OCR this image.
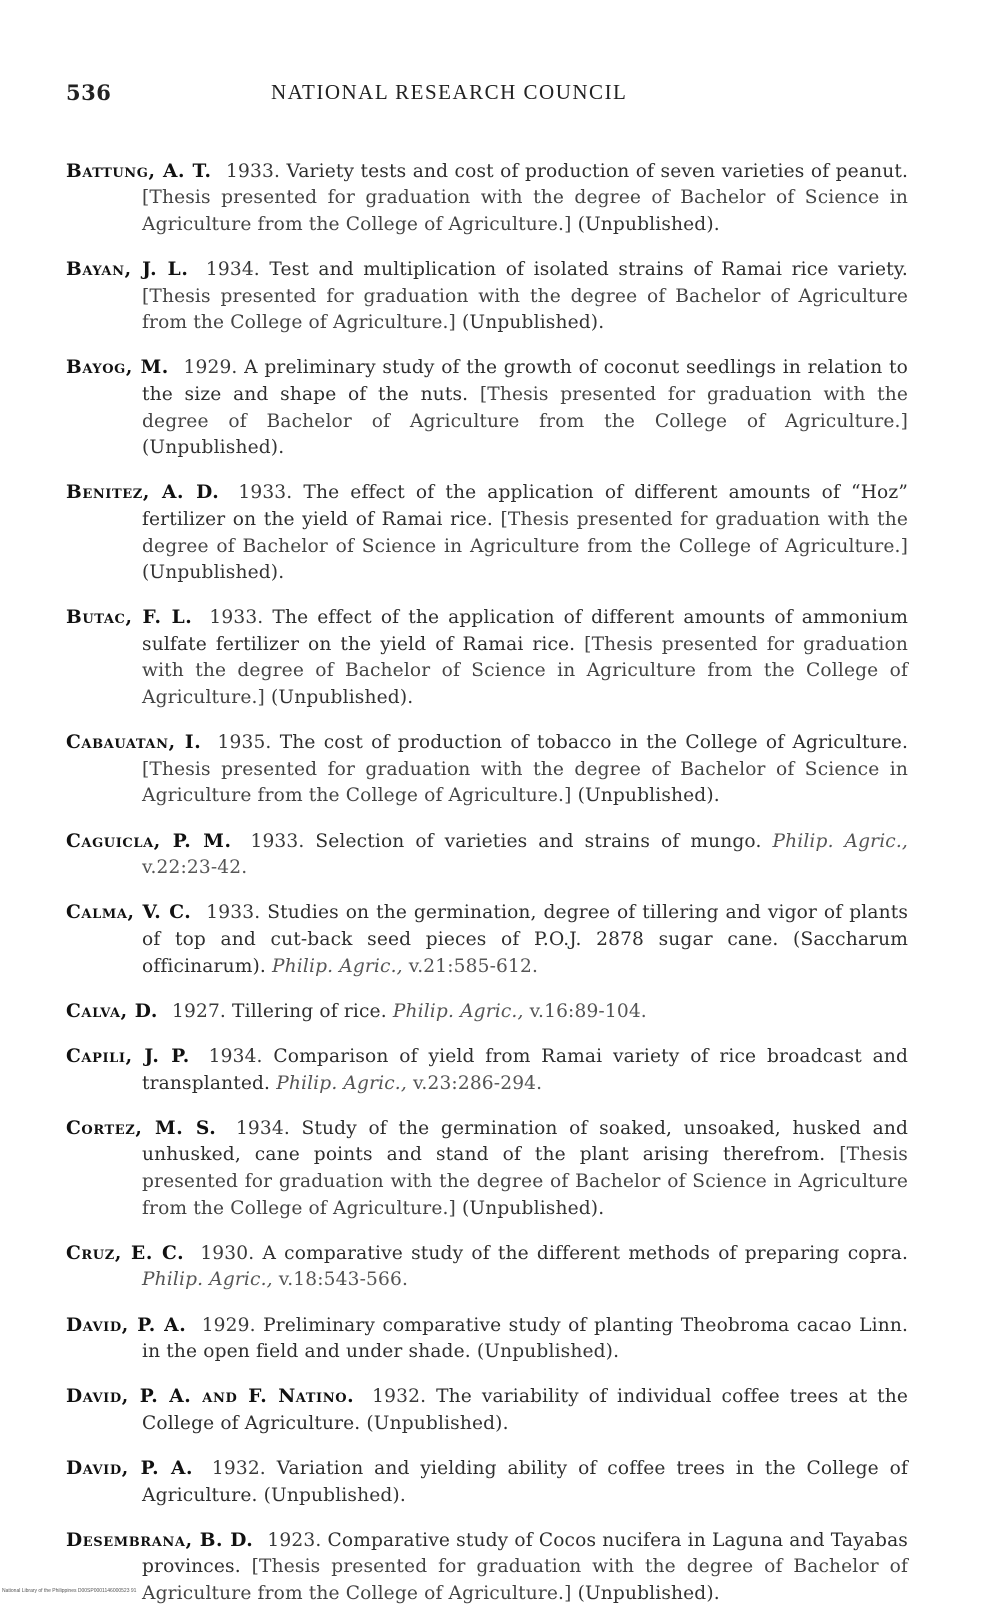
536	NATIONAL RESEARCH COUNCIL

Battung, A. T. 1933. Variety tests and cost of production of seven varieties of peanut. [Thesis presented for graduation with the degree of Bachelor of Science in Agriculture from the College of Agriculture.] (Unpublished).

Bayan, J. L. 1934. Test and multiplication of isolated strains of Ramai rice variety. [Thesis presented for graduation with the degree of Bachelor of Agriculture from the College of Agriculture.] (Unpublished).

Bayog, M. 1929. A preliminary study of the growth of coconut seedlings in relation to the size and shape of the nuts. [Thesis presented for graduation with the degree of Bachelor of Agriculture from the College of Agriculture.] (Unpublished).

Benitez, A. D. 1933. The effect of the application of different amounts of “Hoz” fertilizer on the yield of Ramai rice. [Thesis presented for graduation with the degree of Bachelor of Science in Agriculture from the College of Agriculture.] (Unpublished).

Butac, F. L. 1933. The effect of the application of different amounts of ammonium sulfate fertilizer on the yield of Ramai rice. [Thesis presented for graduation with the degree of Bachelor of Science in Agriculture from the College of Agriculture.] (Unpublished).

Cabauatan, I. 1935. The cost of production of tobacco in the College of Agriculture. [Thesis presented for graduation with the degree of Bachelor of Science in Agriculture from the College of Agriculture.] (Unpublished).

Caguicla, P. M. 1933. Selection of varieties and strains of mungo. Philip. Agric., v.22:23-42.

Calma, V. C. 1933. Studies on the germination, degree of tillering and vigor of plants of top and cut-back seed pieces of P.O.J. 2878 sugar cane. (Saccharum officinarum). Philip. Agric., v.21:585-612.

Calva, D. 1927. Tillering of rice. Philip. Agric., v.16:89-104.

Capili, J. P. 1934. Comparison of yield from Ramai variety of rice broadcast and transplanted. Philip. Agric., v.23:286-294.

Cortez, M. S. 1934. Study of the germination of soaked, unsoaked, husked and unhusked, cane points and stand of the plant arising therefrom. [Thesis presented for graduation with the degree of Bachelor of Science in Agriculture from the College of Agriculture.] (Unpublished).

Cruz, E. C. 1930. A comparative study of the different methods of preparing copra. Philip. Agric., v.18:543-566.

David, P. A. 1929. Preliminary comparative study of planting Theobroma cacao Linn. in the open field and under shade. (Unpublished).

David, P. A. and F. Natino. 1932. The variability of individual coffee trees at the College of Agriculture. (Unpublished).

David, P. A. 1932. Variation and yielding ability of coffee trees in the College of Agriculture. (Unpublished).

Desembrana, B. D. 1923. Comparative study of Cocos nucifera in Laguna and Tayabas provinces. [Thesis presented for graduation with the degree of Bachelor of Agriculture from the College of Agriculture.] (Unpublished).

National Library of the Philippines D00SP0001146000523 91
